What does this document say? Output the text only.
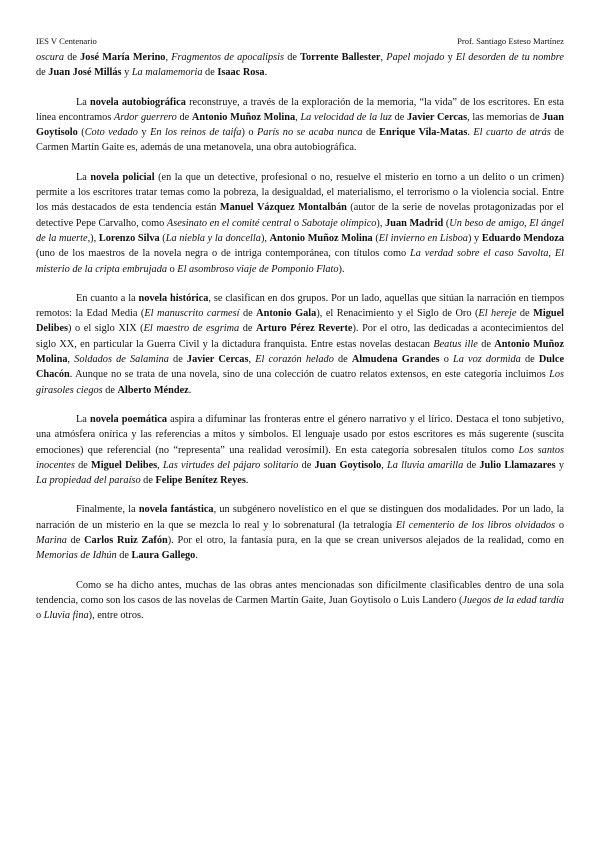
IES V Centenario	Prof. Santiago Esteso Martínez

oscura de José María Merino, Fragmentos de apocalipsis de Torrente Ballester, Papel mojado y El desorden de tu nombre de Juan José Millás y La malamemoria de Isaac Rosa.

La novela autobiográfica reconstruye, a través de la exploración de la memoria, “la vida” de los escritores. En esta línea encontramos Ardor guerrero de Antonio Muñoz Molina, La velocidad de la luz de Javier Cercas, las memorias de Juan Goytisolo (Coto vedado y En los reinos de taifa) o París no se acaba nunca de Enrique Vila-Matas. El cuarto de atrás de Carmen Martín Gaite es, además de una metanovela, una obra autobiográfica.

La novela policial (en la que un detective, profesional o no, resuelve el misterio en torno a un delito o un crimen) permite a los escritores tratar temas como la pobreza, la desigualdad, el materialismo, el terrorismo o la violencia social. Entre los más destacados de esta tendencia están Manuel Vázquez Montalbán (autor de la serie de novelas protagonizadas por el detective Pepe Carvalho, como Asesinato en el comité central o Sabotaje olímpico), Juan Madrid (Un beso de amigo, El ángel de la muerte,), Lorenzo Silva (La niebla y la doncella), Antonio Muñoz Molina (El invierno en Lisboa) y Eduardo Mendoza (uno de los maestros de la novela negra o de intriga contemporánea, con títulos como La verdad sobre el caso Savolta, El misterio de la cripta embrujada o El asombroso viaje de Pomponio Flato).

En cuanto a la novela histórica, se clasifican en dos grupos. Por un lado, aquellas que sitúan la narración en tiempos remotos: la Edad Media (El manuscrito carmesí de Antonio Gala), el Renacimiento y el Siglo de Oro (El hereje de Miguel Delibes) o el siglo XIX (El maestro de esgrima de Arturo Pérez Reverte). Por el otro, las dedicadas a acontecimientos del siglo XX, en particular la Guerra Civil y la dictadura franquista. Entre estas novelas destacan Beatus ille de Antonio Muñoz Molina, Soldados de Salamina de Javier Cercas, El corazón helado de Almudena Grandes o La voz dormida de Dulce Chacón. Aunque no se trata de una novela, sino de una colección de cuatro relatos extensos, en este categoría incluimos Los girasoles ciegos de Alberto Méndez.

La novela poemática aspira a difuminar las fronteras entre el género narrativo y el lírico. Destaca el tono subjetivo, una atmósfera onírica y las referencias a mitos y símbolos. El lenguaje usado por estos escritores es más sugerente (suscita emociones) que referencial (no “representa” una realidad verosímil). En esta categoría sobresalen títulos como Los santos inocentes de Miguel Delibes, Las virtudes del pájaro solitario de Juan Goytisolo, La lluvia amarilla de Julio Llamazares y La propiedad del paraíso de Felipe Benítez Reyes.

Finalmente, la novela fantástica, un subgénero novelístico en el que se distinguen dos modalidades. Por un lado, la narración de un misterio en la que se mezcla lo real y lo sobrenatural (la tetralogía El cementerio de los libros olvidados o Marina de Carlos Ruiz Zafón). Por el otro, la fantasía pura, en la que se crean universos alejados de la realidad, como en Memorias de Idhún de Laura Gallego.

Como se ha dicho antes, muchas de las obras antes mencionadas son difícilmente clasificables dentro de una sola tendencia, como son los casos de las novelas de Carmen Martín Gaite, Juan Goytisolo o Luis Landero (Juegos de la edad tardía o Lluvia fina), entre otros.
